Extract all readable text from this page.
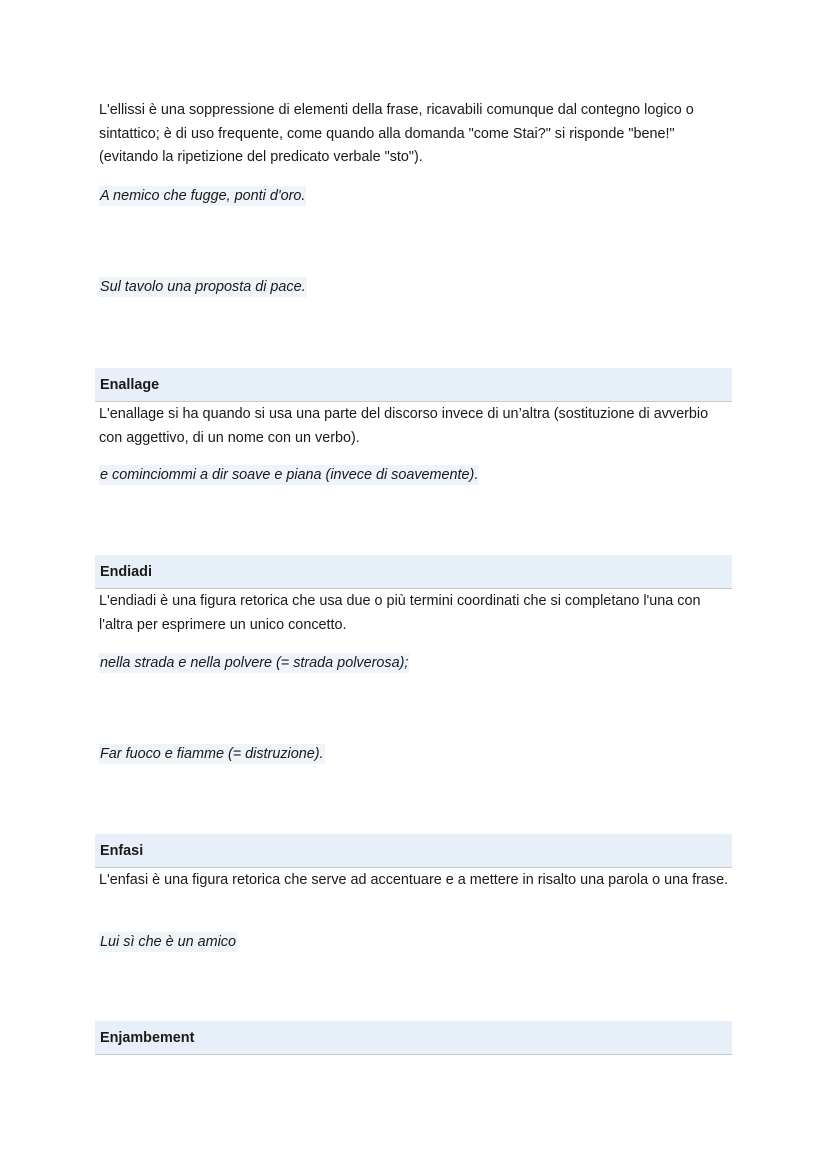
L'ellissi è una soppressione di elementi della frase, ricavabili comunque dal contegno logico o sintattico; è di uso frequente, come quando alla domanda "come Stai?" si risponde "bene!" (evitando la ripetizione del predicato verbale "sto").

A nemico che fugge, ponti d'oro.

Sul tavolo una proposta di pace.

Enallage

L'enallage si ha quando si usa una parte del discorso invece di un’altra (sostituzione di avverbio con aggettivo, di un nome con un verbo).

e cominciommi a dir soave e piana (invece di soavemente).

Endiadi

L'endiadi è una figura retorica che usa due o più termini coordinati che si completano l'una con l'altra per esprimere un unico concetto.

nella strada e nella polvere (= strada polverosa);

Far fuoco e fiamme (= distruzione).

Enfasi

L'enfasi è una figura retorica che serve ad accentuare e a mettere in risalto una parola o una frase.

Lui sì che è un amico

Enjambement
